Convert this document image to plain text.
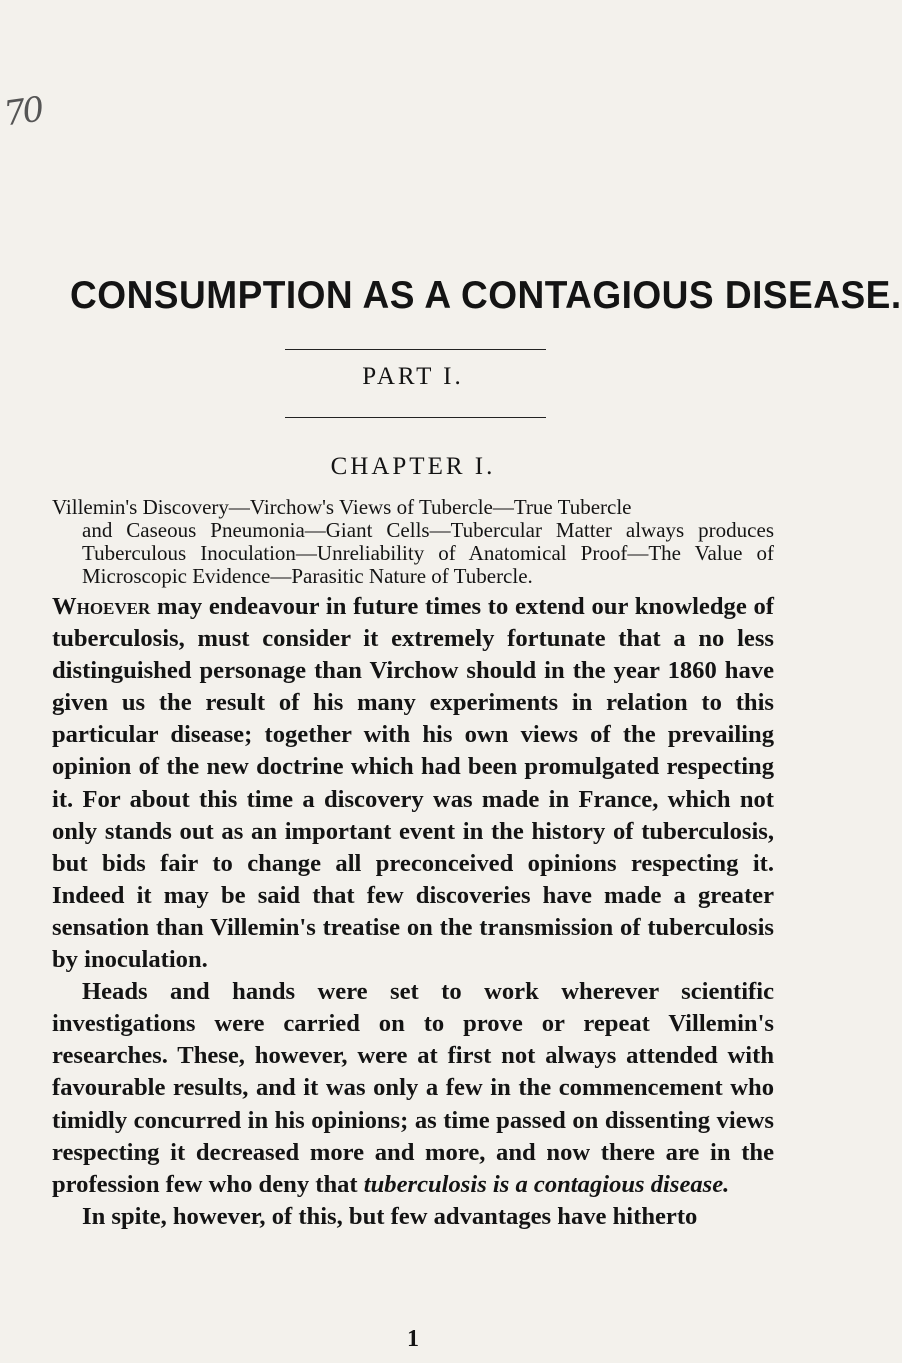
70
CONSUMPTION AS A CONTAGIOUS DISEASE.
PART I.
CHAPTER I.
Villemin's Discovery—Virchow's Views of Tubercle—True Tubercle
and Caseous Pneumonia—Giant Cells—Tubercular Matter always produces Tuberculous Inoculation—Unreliability of Anatomical Proof—The Value of Microscopic Evidence—Parasitic Nature of Tubercle.

Whoever may endeavour in future times to extend our knowledge of tuberculosis, must consider it extremely fortunate that a no less distinguished personage than Virchow should in the year 1860 have given us the result of his many experiments in relation to this particular disease; together with his own views of the prevailing opinion of the new doctrine which had been promulgated respecting it. For about this time a discovery was made in France, which not only stands out as an important event in the history of tuberculosis, but bids fair to change all preconceived opinions respecting it. Indeed it may be said that few discoveries have made a greater sensation than Villemin's treatise on the transmission of tuberculosis by inoculation.

Heads and hands were set to work wherever scientific investigations were carried on to prove or repeat Villemin's researches. These, however, were at first not always attended with favourable results, and it was only a few in the commencement who timidly concurred in his opinions; as time passed on dissenting views respecting it decreased more and more, and now there are in the profession few who deny that tuberculosis is a contagious disease.

In spite, however, of this, but few advantages have hitherto

1
